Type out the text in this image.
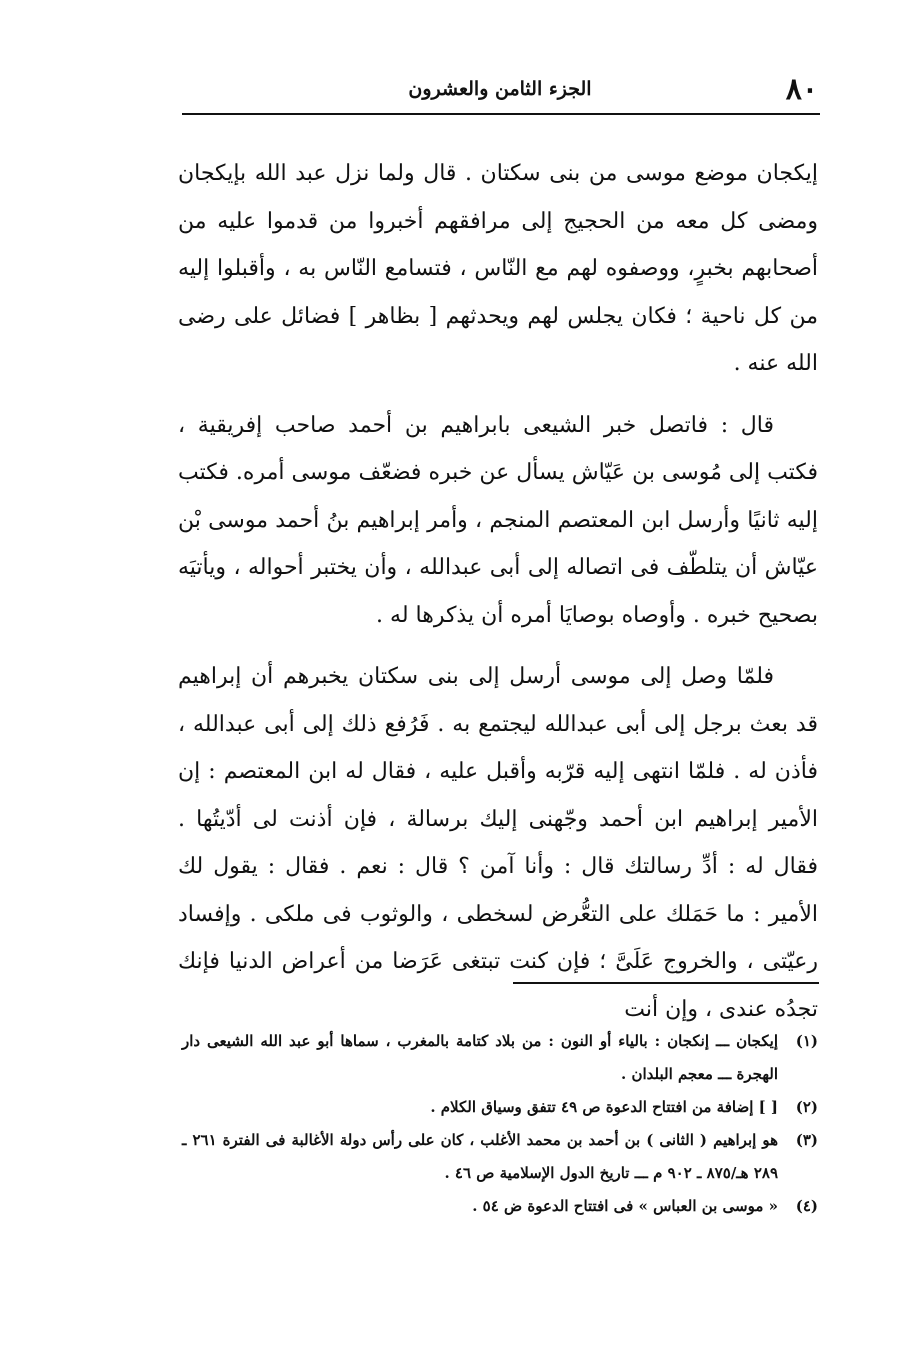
٨٠
الجزء الثامن والعشرون

إيكجان موضع موسى من بنى سكتان . قال ولما نزل عبد الله بإيكجان ومضى كل معه من الحجيج إلى مرافقهم أخبروا من قدموا عليه من أصحابهم بخبرٍ، ووصفوه لهم مع النّاس ، فتسامع النّاس به ، وأقبلوا إليه من كل ناحية ؛ فكان يجلس لهم ويحدثهم [ بظاهر ] فضائل على رضى الله عنه .

قال : فاتصل خبر الشيعى بابراهيم بن أحمد صاحب إفريقية ، فكتب إلى مُوسى بن عَيّاش يسأل عن خبره فضعّف موسى أمره. فكتب إليه ثانيًا وأرسل ابن المعتصم المنجم ، وأمر إبراهيم بنُ أحمد موسى بْن عيّاش أن يتلطّف فى اتصاله إلى أبى عبدالله ، وأن يختبر أحواله ، ويأتيَه بصحيح خبره . وأوصاه بوصايَا أمره أن يذكرها له .

فلمّا وصل إلى موسى أرسل إلى بنى سكتان يخبرهم أن إبراهيم قد بعث برجل إلى أبى عبدالله ليجتمع به . فَرُفع ذلك إلى أبى عبدالله ، فأذن له . فلمّا انتهى إليه قرّبه وأقبل عليه ، فقال له ابن المعتصم : إن الأمير إبراهيم ابن أحمد وجّهنى إليك برسالة ، فإن أذنت لى أدّيتُها . فقال له : أدِّ رسالتك قال : وأنا آمن ؟ قال : نعم . فقال : يقول لك الأمير : ما حَمَلك على التعُّرض لسخطى ، والوثوب فى ملكى . وإفساد رعيّتى ، والخروج عَلَىَّ ؛ فإن كنت تبتغى عَرَضا من أعراض الدنيا فإنك تجدُه عندى ، وإن أنت

(١)
إيكجان ـــ إنكجان : بالياء أو النون : من بلاد كتامة بالمغرب ، سماها أبو عبد الله الشيعى دار الهجرة ـــ معجم البلدان .
(٢)
[ ] إضافة من افتتاح الدعوة ص ٤٩ تتفق وسياق الكلام .
(٣)
هو إبراهيم ( الثانى ) بن أحمد بن محمد الأغلب ، كان على رأس دولة الأغالبة فى الفترة ٢٦١ ـ ٢٨٩ هـ/٨٧٥ ـ ٩٠٢ م ـــ تاريخ الدول الإسلامية ص ٤٦ .
(٤)
« موسى بن العباس » فى افتتاح الدعوة ض ٥٤ .
